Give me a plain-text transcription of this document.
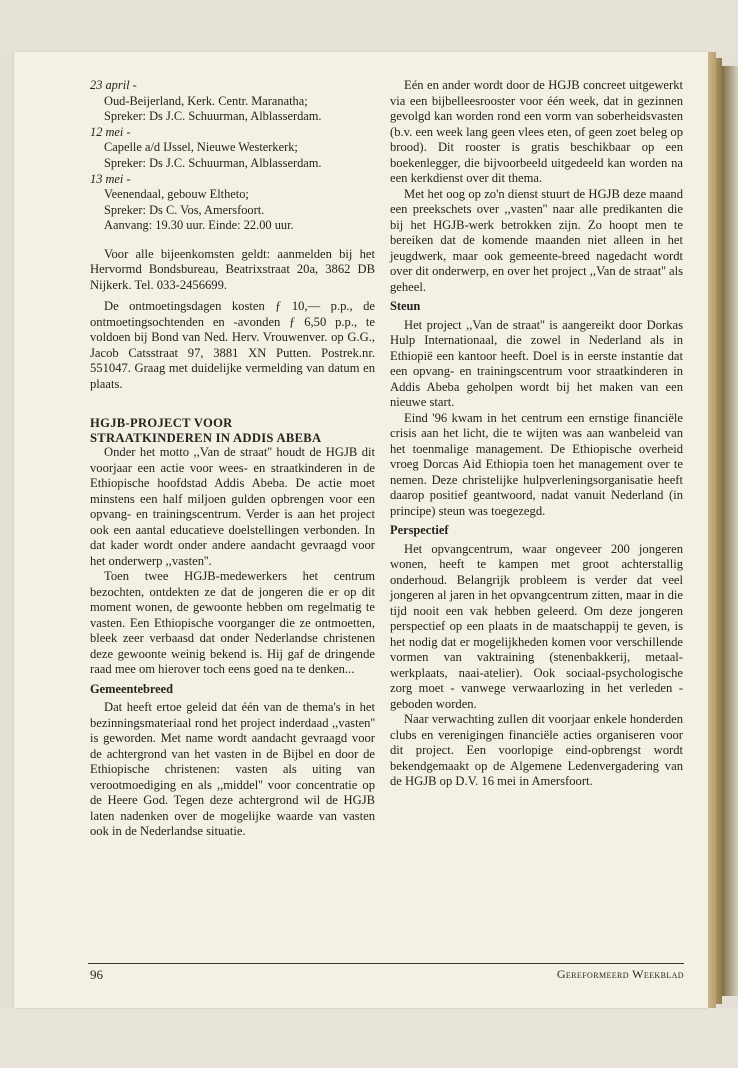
23 april -
Oud-Beijerland, Kerk. Centr. Maranatha;
Spreker: Ds J.C. Schuurman, Alblasserdam.
12 mei -
Capelle a/d IJssel, Nieuwe Westerkerk;
Spreker: Ds J.C. Schuurman, Alblasserdam.
13 mei -
Veenendaal, gebouw Eltheto;
Spreker: Ds C. Vos, Amersfoort.
Aanvang: 19.30 uur. Einde: 22.00 uur.

Voor alle bijeenkomsten geldt: aanmelden bij het Hervormd Bondsbureau, Beatrixstraat 20a, 3862 DB Nijkerk. Tel. 033-2456699.

De ontmoetingsdagen kosten ƒ 10,— p.p., de ontmoetingsochtenden en -avonden ƒ 6,50 p.p., te voldoen bij Bond van Ned. Herv. Vrouwenver. op G.G., Jacob Catsstraat 97, 3881 XN Putten. Postrek.nr. 551047. Graag met duidelijke vermelding van datum en plaats.

HGJB-PROJECT VOOR
STRAATKINDEREN IN ADDIS ABEBA

Onder het motto ,,Van de straat'' houdt de HGJB dit voorjaar een actie voor wees- en straatkinderen in de Ethiopische hoofdstad Addis Abeba. De actie moet minstens een half miljoen gulden opbrengen voor een opvang- en trainingscentrum. Verder is aan het project ook een aantal educatieve doelstellingen verbonden. In dat kader wordt onder andere aandacht gevraagd voor het onderwerp ,,vasten''.

Toen twee HGJB-medewerkers het centrum bezochten, ontdekten ze dat de jongeren die er op dit moment wonen, de gewoonte hebben om regelmatig te vasten. Een Ethiopische voorganger die ze ontmoetten, bleek zeer verbaasd dat onder Nederlandse christenen deze gewoonte weinig bekend is. Hij gaf de dringende raad mee om hierover toch eens goed na te denken...

Gemeentebreed

Dat heeft ertoe geleid dat één van de thema's in het bezinningsmateriaal rond het project inderdaad ,,vasten'' is geworden. Met name wordt aandacht gevraagd voor de achtergrond van het vasten in de Bijbel en door de Ethiopische christenen: vasten als uiting van verootmoediging en als ,,middel'' voor concentratie op de Heere God. Tegen deze achtergrond wil de HGJB laten nadenken over de mogelijke waarde van vasten ook in de Nederlandse situatie.

Eén en ander wordt door de HGJB concreet uitgewerkt via een bijbelleesrooster voor één week, dat in gezinnen gevolgd kan worden rond een vorm van soberheidsvasten (b.v. een week lang geen vlees eten, of geen zoet beleg op brood). Dit rooster is gratis beschikbaar op een boekenlegger, die bijvoorbeeld uitgedeeld kan worden na een kerkdienst over dit thema.

Met het oog op zo'n dienst stuurt de HGJB deze maand een preekschets over ,,vasten'' naar alle predikanten die bij het HGJB-werk betrokken zijn. Zo hoopt men te bereiken dat de komende maanden niet alleen in het jeugdwerk, maar ook gemeente-breed nagedacht wordt over dit onderwerp, en over het project ,,Van de straat'' als geheel.

Steun

Het project ,,Van de straat'' is aangereikt door Dorkas Hulp Internationaal, die zowel in Nederland als in Ethiopië een kantoor heeft. Doel is in eerste instantie dat een opvang- en trainingscentrum voor straatkinderen in Addis Abeba geholpen wordt bij het maken van een nieuwe start.

Eind '96 kwam in het centrum een ernstige financiële crisis aan het licht, die te wijten was aan wanbeleid van het toenmalige management. De Ethiopische overheid vroeg Dorcas Aid Ethiopia toen het management over te nemen. Deze christelijke hulpverleningsorganisatie heeft daarop positief geantwoord, nadat vanuit Nederland (in principe) steun was toegezegd.

Perspectief

Het opvangcentrum, waar ongeveer 200 jongeren wonen, heeft te kampen met groot achterstallig onderhoud. Belangrijk probleem is verder dat veel jongeren al jaren in het opvangcentrum zitten, maar in die tijd nooit een vak hebben geleerd. Om deze jongeren perspectief op een plaats in de maatschappij te geven, is het nodig dat er mogelijkheden komen voor verschillende vormen van vaktraining (stenenbakkerij, metaal-werkplaats, naai-atelier). Ook sociaal-psychologische zorg moet - vanwege verwaarlozing in het verleden - geboden worden.

Naar verwachting zullen dit voorjaar enkele honderden clubs en verenigingen financiële acties organiseren voor dit project. Een voorlopige eind-opbrengst wordt bekendgemaakt op de Algemene Ledenvergadering van de HGJB op D.V. 16 mei in Amersfoort.

96	Gereformeerd Weekblad
